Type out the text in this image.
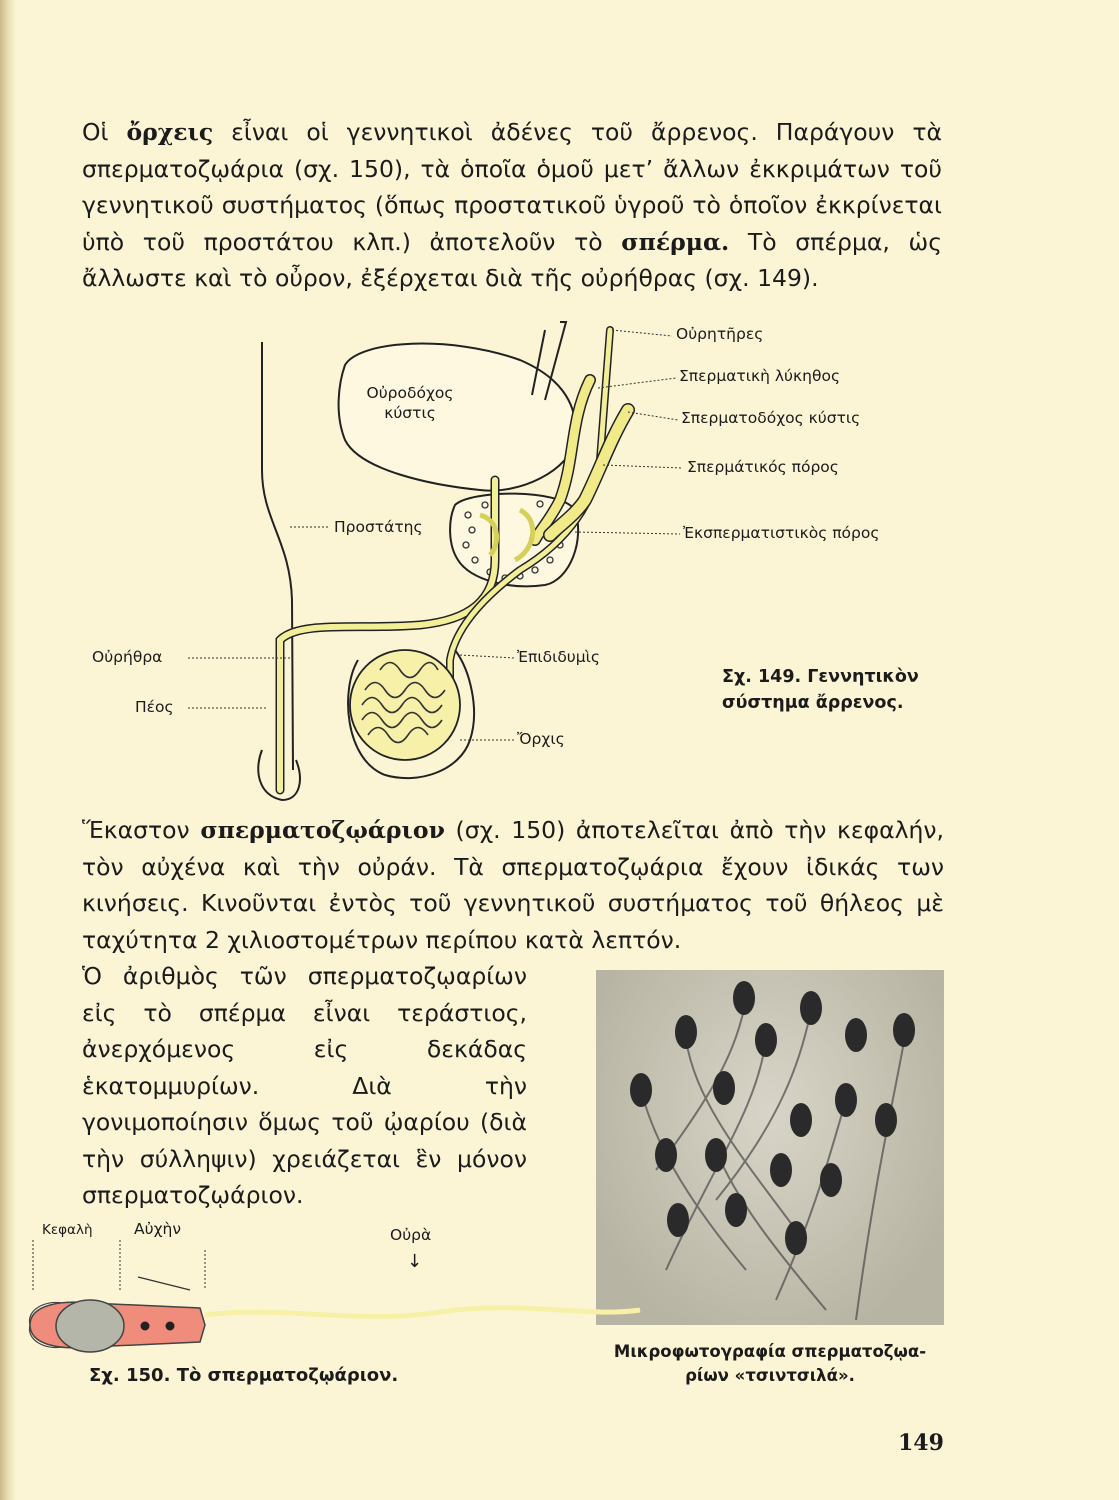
Οἱ ὄρχεις εἶναι οἱ γεννητικοὶ ἀδένες τοῦ ἄρρενος. Παράγουν τὰ σπερματοζῳάρια (σχ. 150), τὰ ὁποῖα ὁμοῦ μετ’ ἄλλων ἐκκριμάτων τοῦ γεννητικοῦ συστήματος (ὅπως προστατικοῦ ὑγροῦ τὸ ὁποῖον ἐκκρίνεται ὑπὸ τοῦ προστάτου κλπ.) ἀποτελοῦν τὸ σπέρμα. Τὸ σπέρμα, ὡς ἄλλωστε καὶ τὸ οὖρον, ἐξέρχεται διὰ τῆς οὐρήθρας (σχ. 149).

Οὐροδόχος
κύστις
Οὐρητῆρες
Σπερματικὴ λύκηθος
Σπερματοδόχος κύστις
Σπερμάτικός πόρος
Προστάτης	Ἐκσπερματιστικὸς πόρος
Οὐρήθρα	Ἐπιδιδυμὶς
Πέος
Ὄρχις
Σχ. 149. Γεννητικὸν
σύστημα ἄρρενος.

Ἕκαστον σπερματοζῳάριον (σχ. 150) ἀποτελεῖται ἀπὸ τὴν κεφαλήν, τὸν αὐχένα καὶ τὴν οὐράν. Τὰ σπερματοζῳάρια ἔχουν ἰδικάς των κινήσεις. Κινοῦνται ἐντὸς τοῦ γεννητικοῦ συστήματος τοῦ θήλεος μὲ ταχύτητα 2 χιλιοστομέτρων περίπου κατὰ λεπτόν.

Ὁ ἀριθμὸς τῶν σπερματοζῳαρίων εἰς τὸ σπέρμα εἶναι τεράστιος, ἀνερχόμενος εἰς δεκάδας ἑκατομμυρίων. Διὰ τὴν γονιμοποίησιν ὅμως τοῦ ᾠαρίου (διὰ τὴν σύλληψιν) χρειάζεται ἓν μόνον σπερματοζῳάριον.

Μικροφωτογραφία σπερματοζῳα-
ρίων «τσιντσιλά».
Κεφαλὴ	Αὐχὴν	Οὐρὰ
↓
Σχ. 150. Τὸ σπερματοζῳάριον.
149
